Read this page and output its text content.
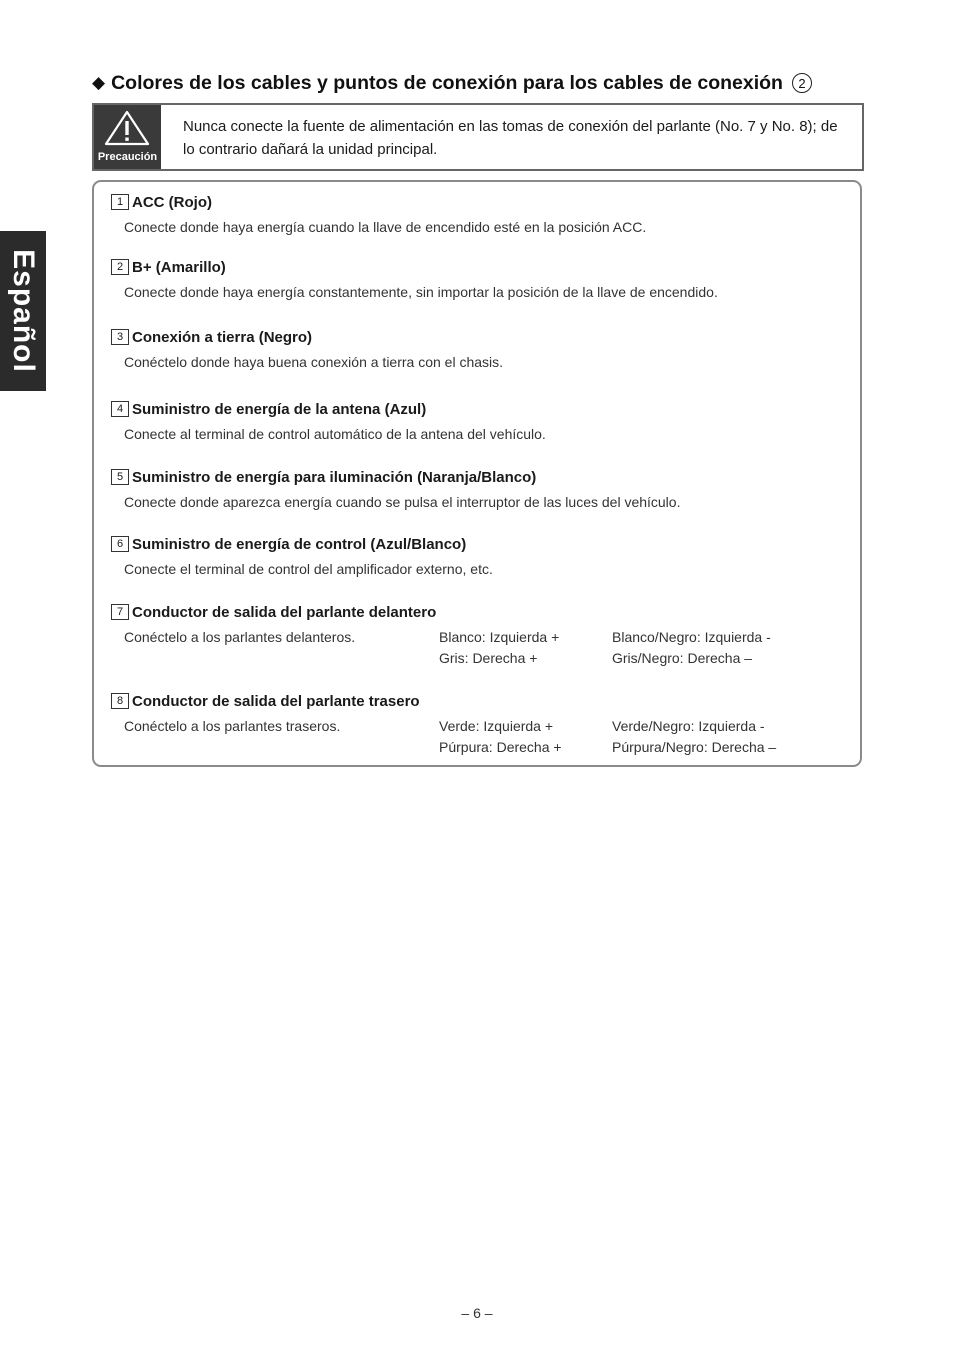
Español
◆ Colores de los cables y puntos de conexión para los cables de conexión	2
Precaución
Nunca conecte la fuente de alimentación en las tomas de conexión del parlante (No. 7 y No. 8); de lo contrario dañará la unidad principal.
1 ACC (Rojo)
Conecte donde haya energía cuando la llave de encendido esté en la posición ACC.
2 B+ (Amarillo)
Conecte donde haya energía constantemente, sin importar la posición de la llave de encendido.
3 Conexión a tierra (Negro)
Conéctelo donde haya buena conexión a tierra con el chasis.
4 Suministro de energía de la antena (Azul)
Conecte al terminal de control automático de la antena del vehículo.
5 Suministro de energía para iluminación (Naranja/Blanco)
Conecte donde aparezca energía cuando se pulsa el interruptor de las luces del vehículo.
6 Suministro de energía de control (Azul/Blanco)
Conecte el terminal de control del amplificador externo, etc.
7 Conductor de salida del parlante delantero
Conéctelo a los parlantes delanteros.	Blanco: Izquierda +	Blanco/Negro: Izquierda -
Gris: Derecha +	Gris/Negro: Derecha –
8 Conductor de salida del parlante trasero
Conéctelo a los parlantes traseros.	Verde: Izquierda +	Verde/Negro: Izquierda -
Púrpura: Derecha +	Púrpura/Negro: Derecha –
– 6 –
